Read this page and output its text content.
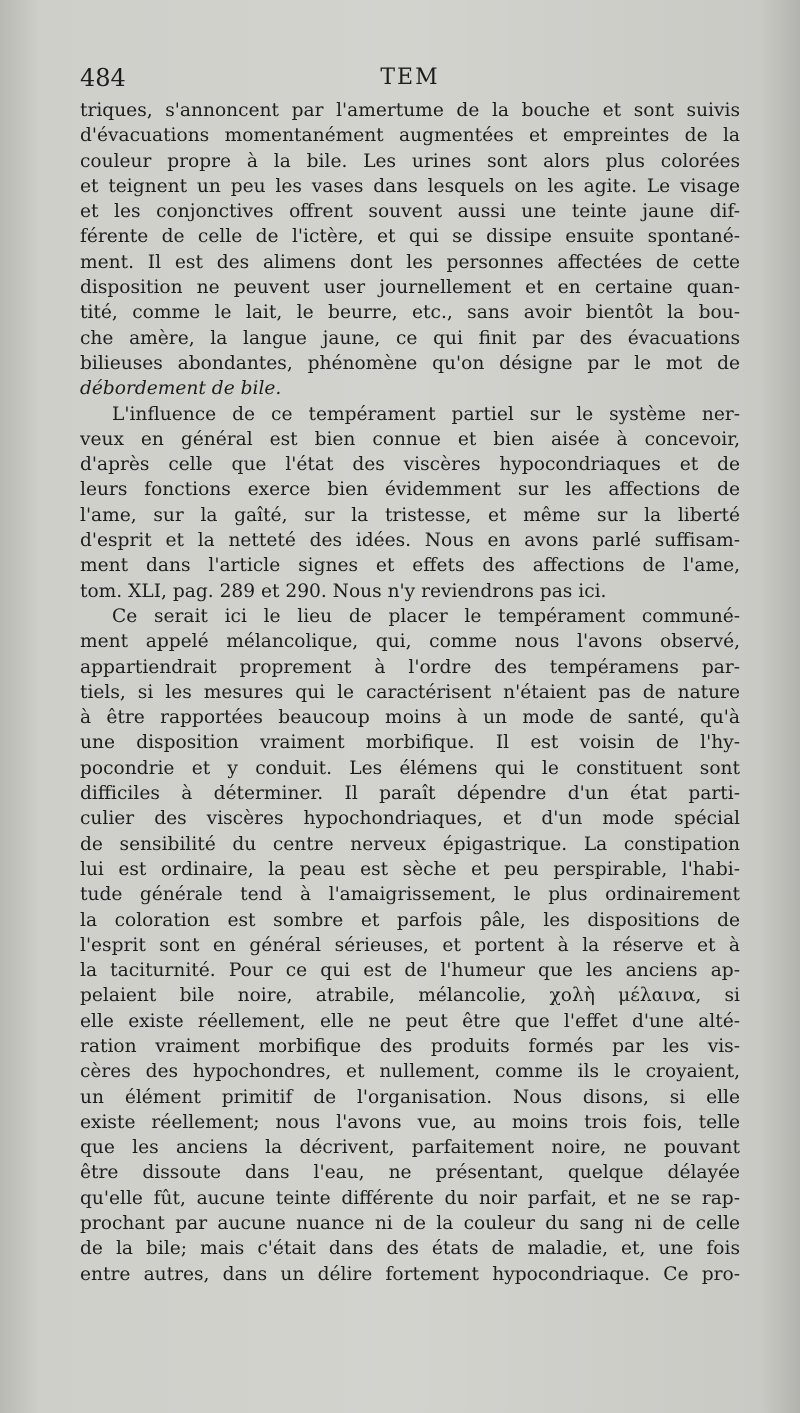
484	TEM
triques, s'annoncent par l'amertume de la bouche et sont suivis
d'évacuations momentanément augmentées et empreintes de la
couleur propre à la bile. Les urines sont alors plus colorées
et teignent un peu les vases dans lesquels on les agite. Le visage
et les conjonctives offrent souvent aussi une teinte jaune dif-
férente de celle de l'ictère, et qui se dissipe ensuite spontané-
ment. Il est des alimens dont les personnes affectées de cette
disposition ne peuvent user journellement et en certaine quan-
tité, comme le lait, le beurre, etc., sans avoir bientôt la bou-
che amère, la langue jaune, ce qui finit par des évacuations
bilieuses abondantes, phénomène qu'on désigne par le mot de
débordement de bile.
L'influence de ce tempérament partiel sur le système ner-
veux en général est bien connue et bien aisée à concevoir,
d'après celle que l'état des viscères hypocondriaques et de
leurs fonctions exerce bien évidemment sur les affections de
l'ame, sur la gaîté, sur la tristesse, et même sur la liberté
d'esprit et la netteté des idées. Nous en avons parlé suffisam-
ment dans l'article signes et effets des affections de l'ame,
tom. XLI, pag. 289 et 290. Nous n'y reviendrons pas ici.
Ce serait ici le lieu de placer le tempérament communé-
ment appelé mélancolique, qui, comme nous l'avons observé,
appartiendrait proprement à l'ordre des tempéramens par-
tiels, si les mesures qui le caractérisent n'étaient pas de nature
à être rapportées beaucoup moins à un mode de santé, qu'à
une disposition vraiment morbifique. Il est voisin de l'hy-
pocondrie et y conduit. Les élémens qui le constituent sont
difficiles à déterminer. Il paraît dépendre d'un état parti-
culier des viscères hypochondriaques, et d'un mode spécial
de sensibilité du centre nerveux épigastrique. La constipation
lui est ordinaire, la peau est sèche et peu perspirable, l'habi-
tude générale tend à l'amaigrissement, le plus ordinairement
la coloration est sombre et parfois pâle, les dispositions de
l'esprit sont en général sérieuses, et portent à la réserve et à
la taciturnité. Pour ce qui est de l'humeur que les anciens ap-
pelaient bile noire, atrabile, mélancolie, χολὴ μέλαινα, si
elle existe réellement, elle ne peut être que l'effet d'une alté-
ration vraiment morbifique des produits formés par les vis-
cères des hypochondres, et nullement, comme ils le croyaient,
un élément primitif de l'organisation. Nous disons, si elle
existe réellement; nous l'avons vue, au moins trois fois, telle
que les anciens la décrivent, parfaitement noire, ne pouvant
être dissoute dans l'eau, ne présentant, quelque délayée
qu'elle fût, aucune teinte différente du noir parfait, et ne se rap-
prochant par aucune nuance ni de la couleur du sang ni de celle
de la bile; mais c'était dans des états de maladie, et, une fois
entre autres, dans un délire fortement hypocondriaque. Ce pro-
